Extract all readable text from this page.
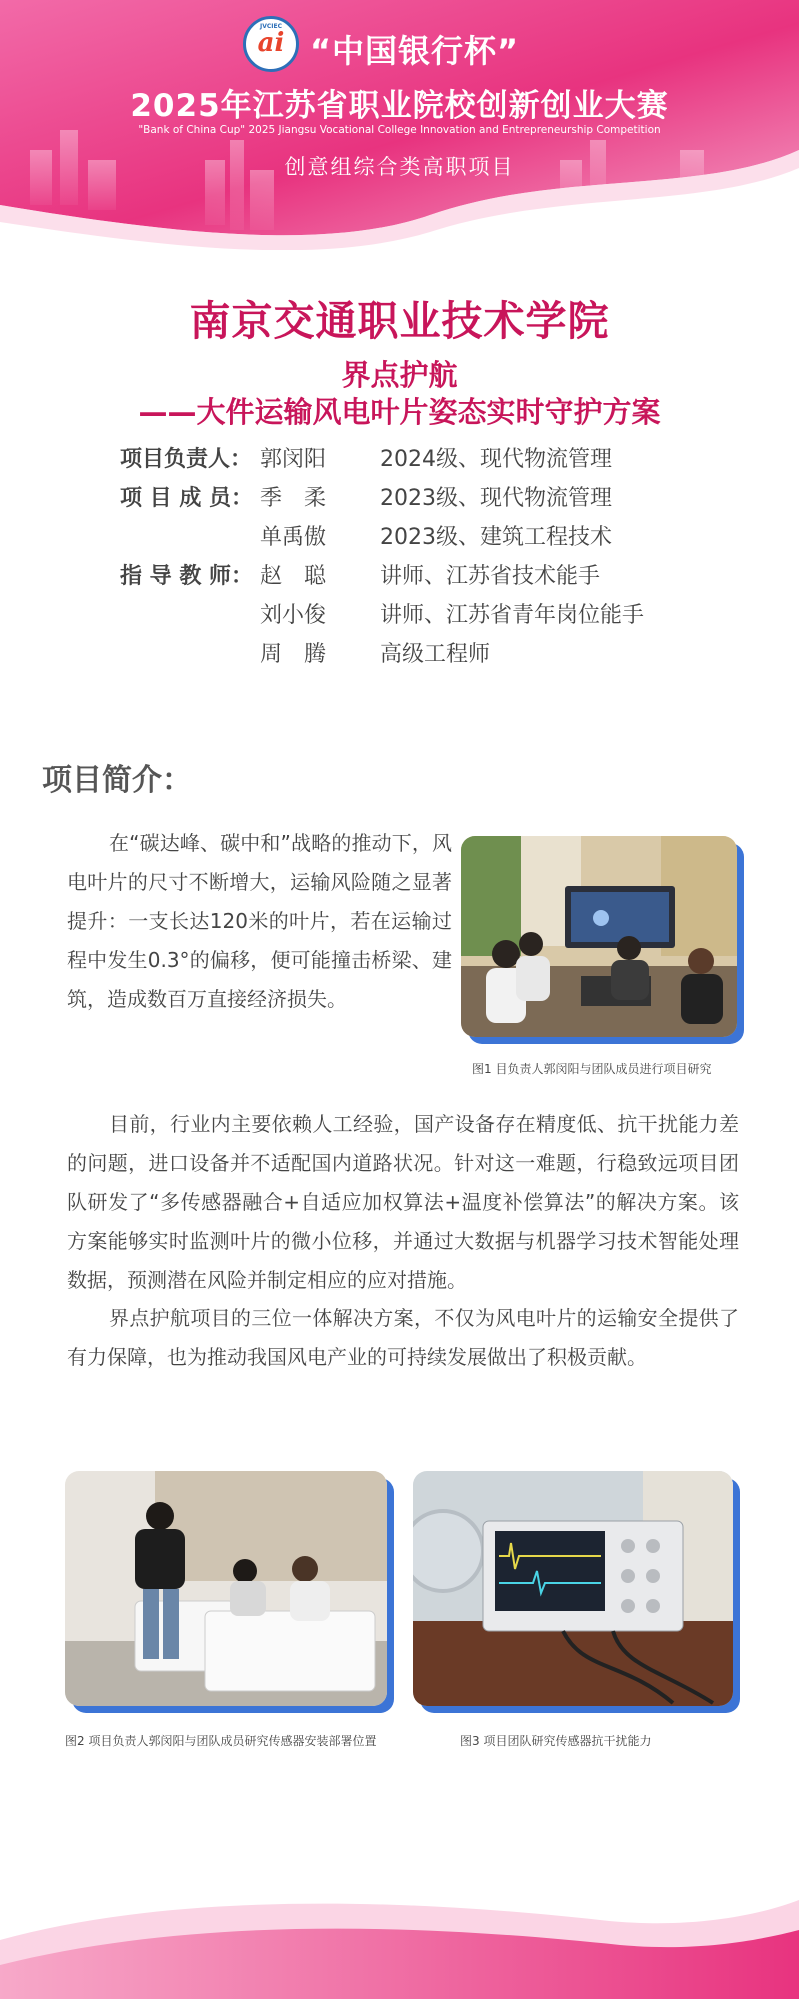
JVCIEC
ai “中国银行杯”
2025年江苏省职业院校创新创业大赛
"Bank of China Cup" 2025 Jiangsu Vocational College Innovation and Entrepreneurship Competition
创意组综合类高职项目
南京交通职业技术学院
界点护航
——大件运输风电叶片姿态实时守护方案
项目负责人： 郭闵阳 2024级、现代物流管理
项 目 成 员： 季　柔 2023级、现代物流管理
单禹傲 2023级、建筑工程技术
指 导 教 师： 赵　聪 讲师、江苏省技术能手
刘小俊 讲师、江苏省青年岗位能手
周　腾 高级工程师
项目简介：

在“碳达峰、碳中和”战略的推动下，风电叶片的尺寸不断增大，运输风险随之显著提升：一支长达120米的叶片，若在运输过程中发生0.3°的偏移，便可能撞击桥梁、建筑，造成数百万直接经济损失。

图1 目负责人郭闵阳与团队成员进行项目研究

目前，行业内主要依赖人工经验，国产设备存在精度低、抗干扰能力差的问题，进口设备并不适配国内道路状况。针对这一难题，行稳致远项目团队研发了“多传感器融合+自适应加权算法+温度补偿算法”的解决方案。该方案能够实时监测叶片的微小位移，并通过大数据与机器学习技术智能处理数据，预测潜在风险并制定相应的应对措施。

界点护航项目的三位一体解决方案，不仅为风电叶片的运输安全提供了有力保障，也为推动我国风电产业的可持续发展做出了积极贡献。

图2 项目负责人郭闵阳与团队成员研究传感器安装部署位置	图3 项目团队研究传感器抗干扰能力
